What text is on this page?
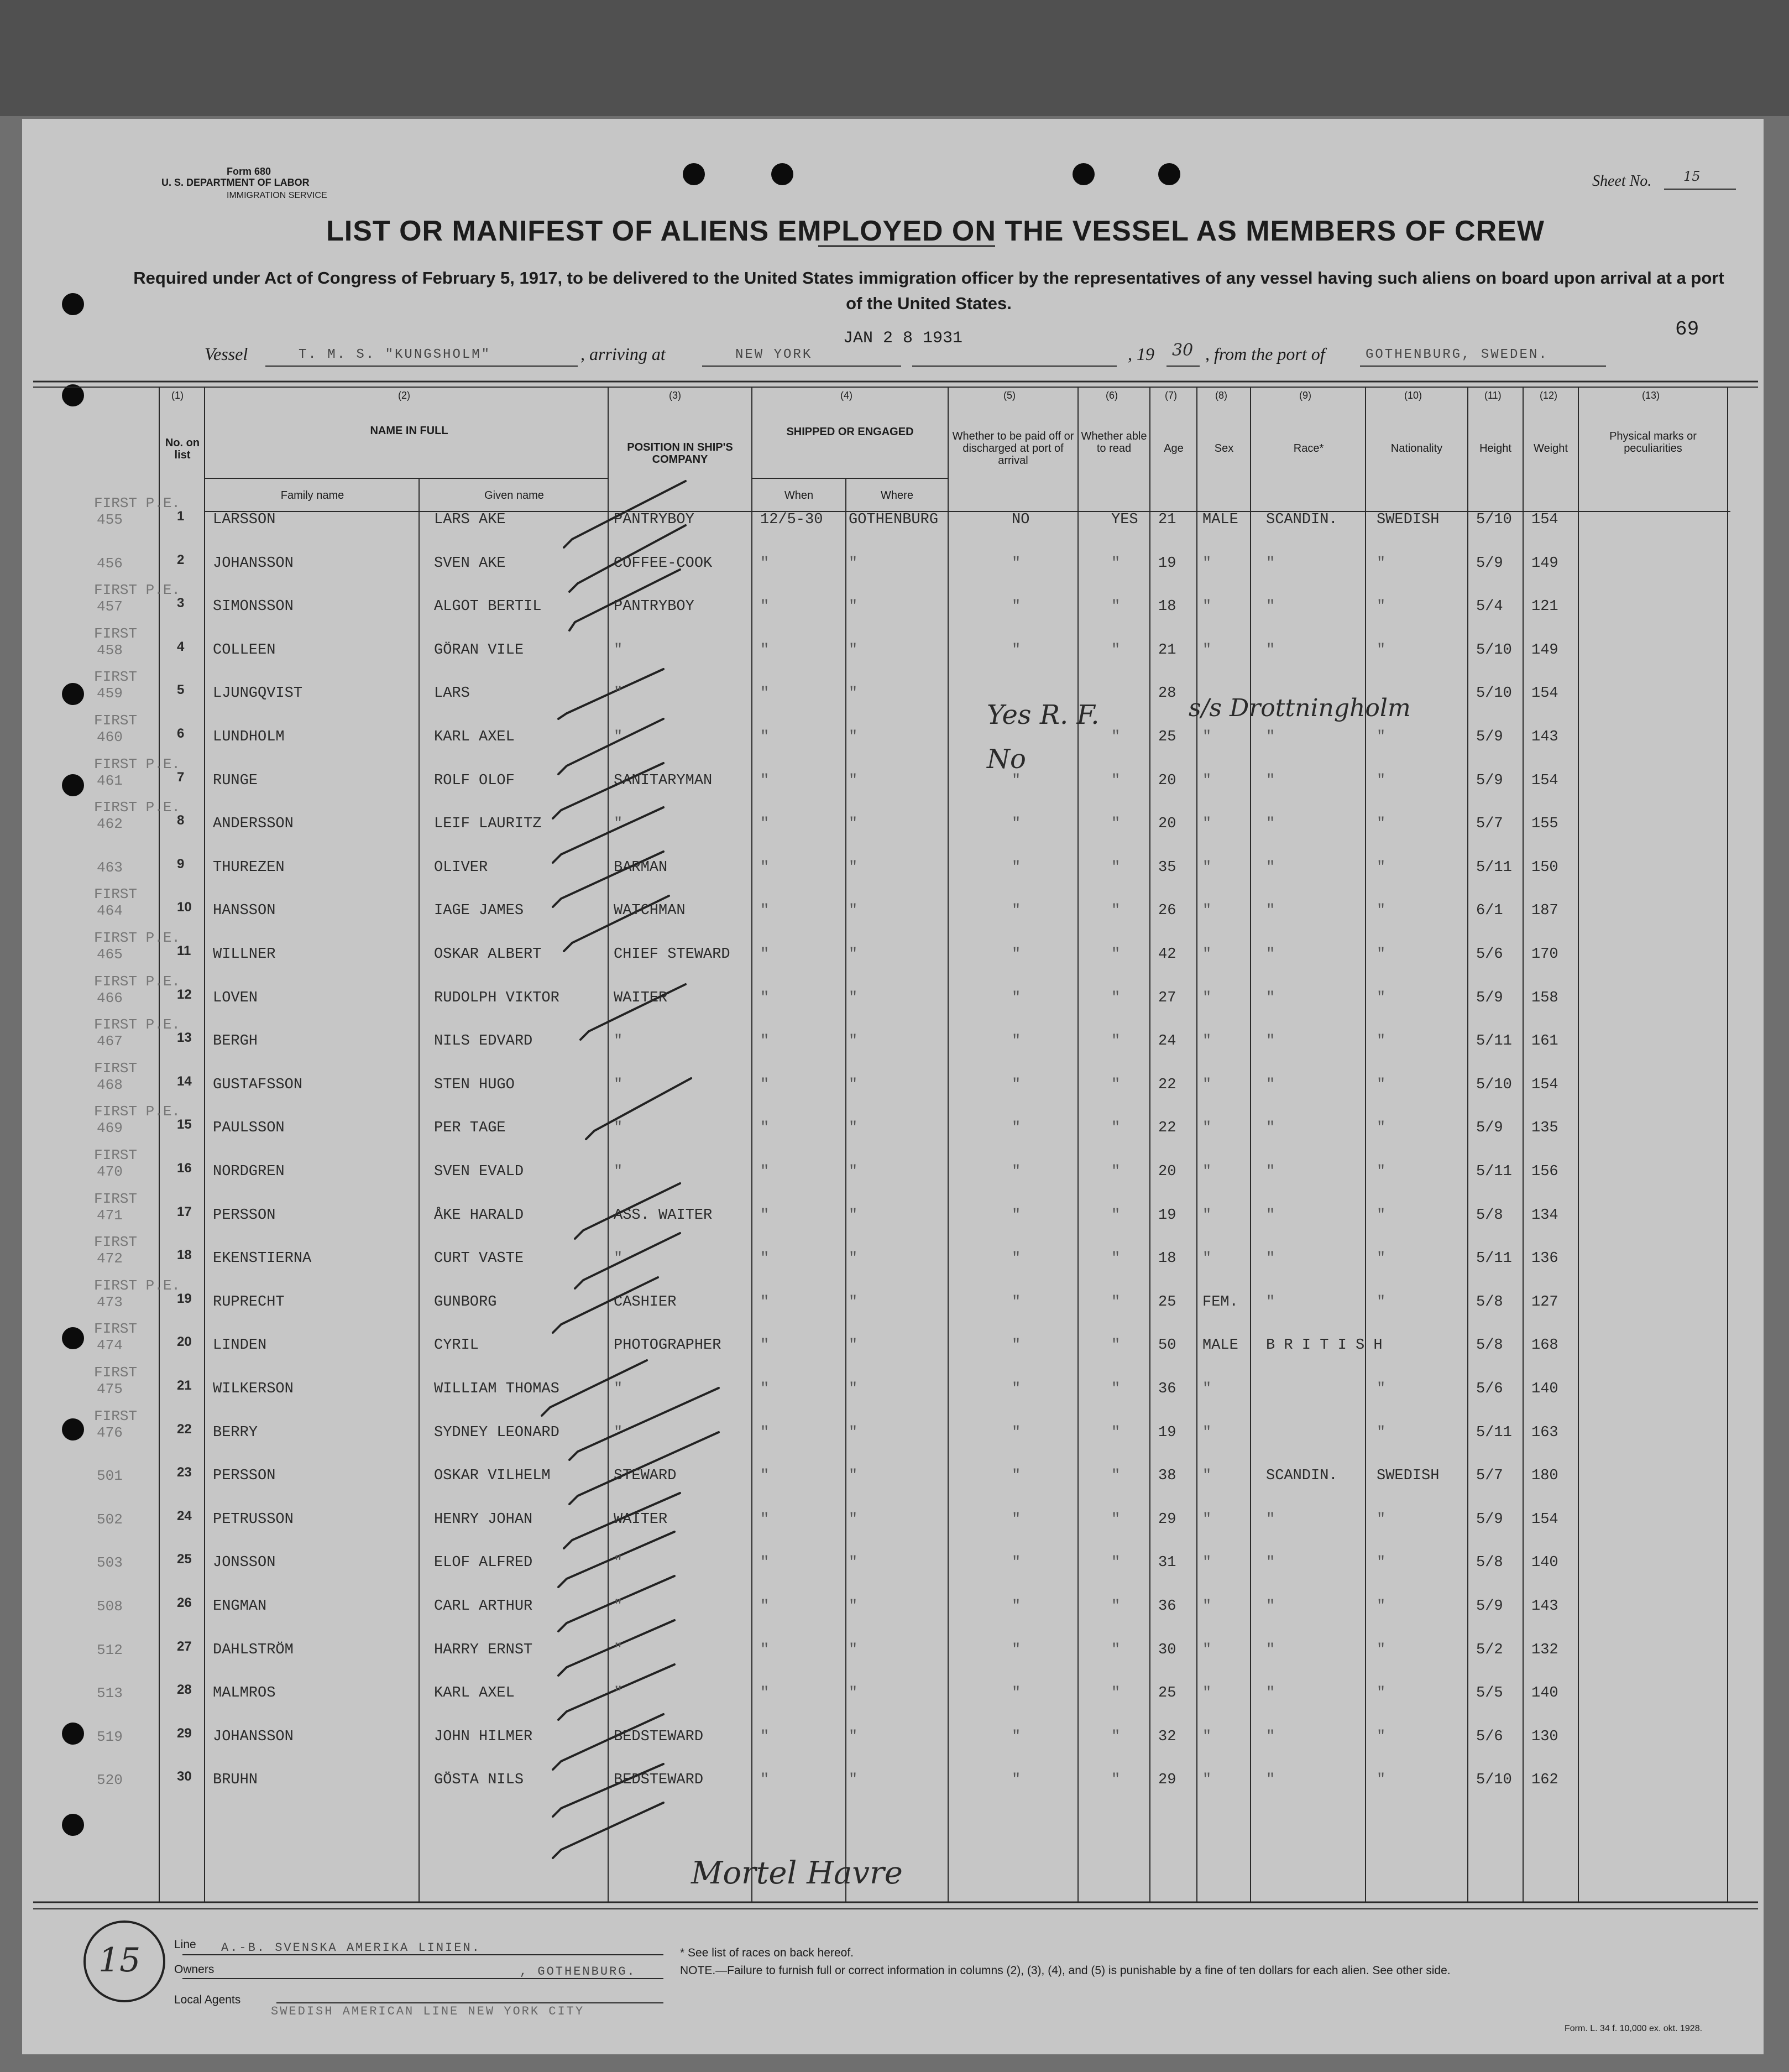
Form 680
U. S. DEPARTMENT OF LABOR
IMMIGRATION SERVICE
Sheet No. 15
69
LIST OR MANIFEST OF ALIENS EMPLOYED ON THE VESSEL AS MEMBERS OF CREW
Required under Act of Congress of February 5, 1917, to be delivered to the United States immigration officer by the representatives of any vessel having such aliens on board upon arrival at a port of the United States.
Vessel	T. M. S. "KUNGSHOLM"	, arriving at	NEW YORK
JAN 2 8 1931
, 19 30 , from the port of	GOTHENBURG, SWEDEN.
(1)	(2)	(3)	(4)	(5)	(6)	(7)	(8)	(9)	(10)	(11)	(12)	(13)
No. on list
NAME IN FULL
POSITION IN SHIP'S COMPANY
SHIPPED OR ENGAGED	Whether to be paid off or discharged at port of arrival
Whether able to read	Age	Sex	Race*	Nationality	Height	Weight
Physical marks or peculiarities
Family name	Given name	When	Where
FIRST P.E.
1 LARSSON	LARS AKE	PANTRYBOY	12/5-30 GOTHENBURG	NO	YES 21 MALE SCANDIN.	SWEDISH 5/10 154
455
2 JOHANSSON	SVEN AKE	COFFEE-COOK	"	"	"	"	19 "	"	"	5/9 149
456
FIRST P.E.
3 SIMONSSON	ALGOT BERTIL	PANTRYBOY	"	"	"	"	18 "	"	"	5/4 121
457
FIRST
4 COLLEEN	GÖRAN VILE	"	"	"	"	"	21 "	"	"	5/10 149
458
FIRST
5 LJUNGQVIST	LARS	"	"	"	28	5/10 154
459
FIRST
6 LUNDHOLM	KARL AXEL	"	"	"	"	25 "	"	"	5/9 143
460
FIRST P.E.
7 RUNGE	ROLF OLOF	SANITARYMAN	"	"	"	"	20 "	"	"	5/9 154
461
FIRST P.E.
8 ANDERSSON	LEIF LAURITZ	"	"	"	"	"	20 "	"	"	5/7 155
462
9 THUREZEN	OLIVER	BARMAN	"	"	"	"	35 "	"	"	5/11 150
463
FIRST
10 HANSSON	IAGE JAMES	WATCHMAN	"	"	"	"	26 "	"	"	6/1 187
464
FIRST P.E.
11 WILLNER	OSKAR ALBERT	CHIEF STEWARD "	"	"	"	42 "	"	"	5/6 170
465
FIRST P.E.
12 LOVEN	RUDOLPH VIKTOR	WAITER	"	"	"	"	27 "	"	"	5/9 158
466
FIRST P.E.
13 BERGH	NILS EDVARD	"	"	"	"	"	24 "	"	"	5/11 161
467
FIRST
14 GUSTAFSSON	STEN HUGO	"	"	"	"	"	22 "	"	"	5/10 154
468
FIRST P.E.
15 PAULSSON	PER TAGE	"	"	"	"	"	22 "	"	"	5/9 135
469
FIRST
16 NORDGREN	SVEN EVALD	"	"	"	"	"	20 "	"	"	5/11 156
470
FIRST
17 PERSSON	ÅKE HARALD	ASS. WAITER	"	"	"	"	19 "	"	"	5/8 134
471
FIRST
18 EKENSTIERNA	CURT VASTE	"	"	"	"	"	18 "	"	"	5/11 136
472
FIRST P.E.
19 RUPRECHT	GUNBORG	CASHIER	"	"	"	"	25 FEM. "	"	5/8 127
473
FIRST
20 LINDEN	CYRIL	PHOTOGRAPHER	"	"	"	"	50 MALE B R I T I S H	5/8 168
474
FIRST
21 WILKERSON	WILLIAM THOMAS	"	"	"	"	"	36 "	"	5/6 140
475
FIRST
22 BERRY	SYDNEY LEONARD	"	"	"	"	"	19 "	"	5/11 163
476
23 PERSSON	OSKAR VILHELM	STEWARD	"	"	"	"	38 "	SCANDIN.	SWEDISH 5/7 180
501
24 PETRUSSON	HENRY JOHAN	WAITER	"	"	"	"	29 "	"	"	5/9 154
502
25 JONSSON	ELOF ALFRED	"	"	"	"	"	31 "	"	"	5/8 140
503
26 ENGMAN	CARL ARTHUR	"	"	"	"	"	36 "	"	"	5/9 143
508
27 DAHLSTRÖM	HARRY ERNST	"	"	"	"	"	30 "	"	"	5/2 132
512
28 MALMROS	KARL AXEL	"	"	"	"	"	25 "	"	"	5/5 140
513
29 JOHANSSON	JOHN HILMER	BEDSTEWARD	"	"	"	"	32 "	"	"	5/6 130
519
30 BRUHN	GÖSTA NILS	BEDSTEWARD	"	"	"	"	29 "	"	"	5/10 162
520
Yes R. F.
No
s/s Drottningholm
Mortel Havre
15	Line A.-B. SVENSKA AMERIKA LINIEN.
Owners	, GOTHENBURG.
Local Agents
SWEDISH AMERICAN LINE NEW YORK CITY
* See list of races on back hereof.
NOTE.—Failure to furnish full or correct information in columns (2), (3), (4), and (5) is punishable by a fine of ten dollars for each alien. See other side.
Form. L. 34 f. 10,000 ex. okt. 1928.
